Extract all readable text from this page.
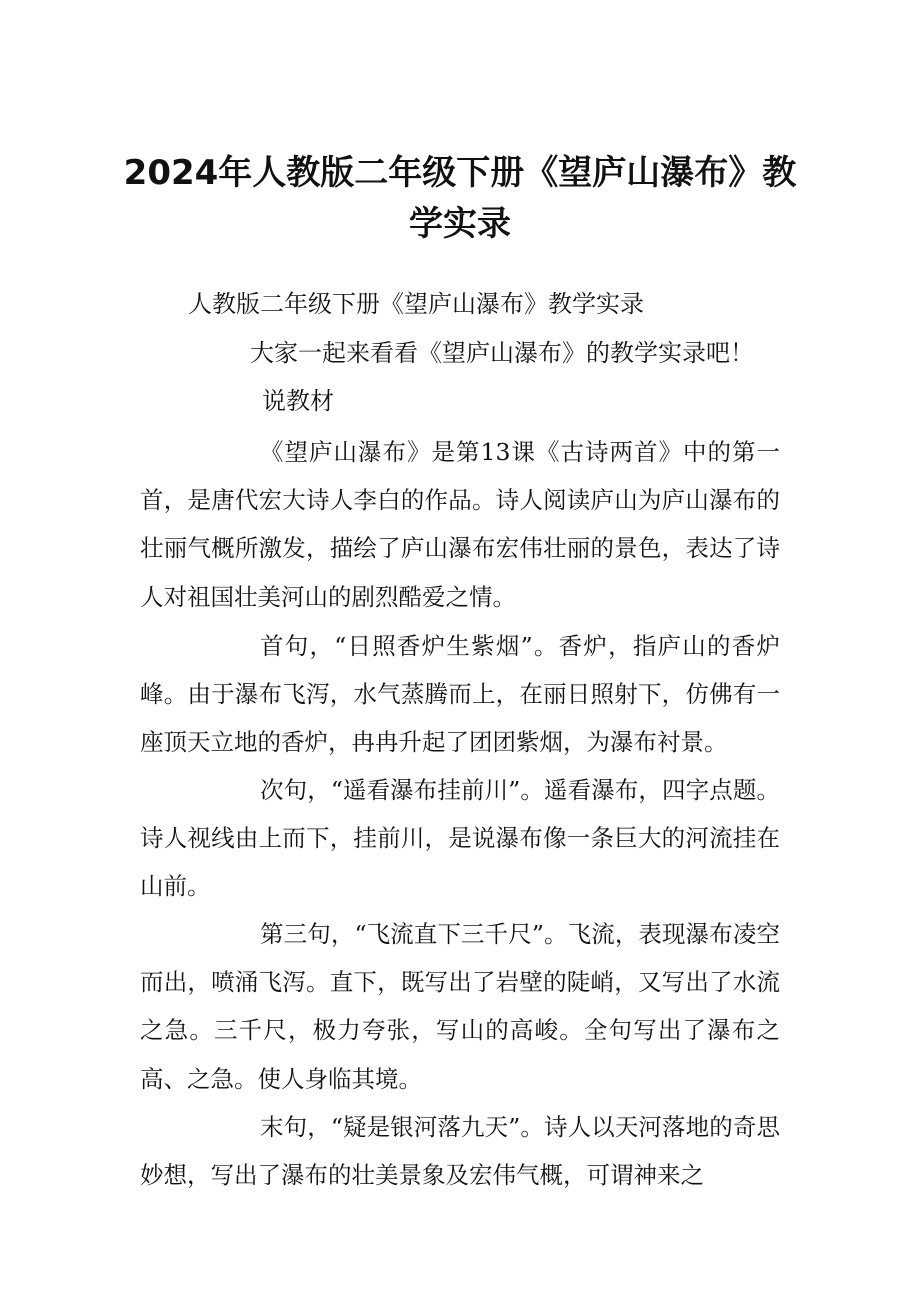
2024年人教版二年级下册《望庐山瀑布》教
学实录
人教版二年级下册《望庐山瀑布》教学实录
大家一起来看看《望庐山瀑布》的教学实录吧！
说教材

《望庐山瀑布》是第13课《古诗两首》中的第一首，是唐代宏大诗人李白的作品。诗人阅读庐山为庐山瀑布的壮丽气概所激发，描绘了庐山瀑布宏伟壮丽的景色，表达了诗人对祖国壮美河山的剧烈酷爱之情。

首句，“日照香炉生紫烟”。香炉，指庐山的香炉峰。由于瀑布飞泻，水气蒸腾而上，在丽日照射下，仿佛有一座顶天立地的香炉，冉冉升起了团团紫烟，为瀑布衬景。

次句，“遥看瀑布挂前川”。遥看瀑布，四字点题。诗人视线由上而下，挂前川，是说瀑布像一条巨大的河流挂在山前。

第三句，“飞流直下三千尺”。飞流，表现瀑布凌空而出，喷涌飞泻。直下，既写出了岩壁的陡峭，又写出了水流之急。三千尺，极力夸张，写山的高峻。全句写出了瀑布之高、之急。使人身临其境。

末句，“疑是银河落九天”。诗人以天河落地的奇思妙想，写出了瀑布的壮美景象及宏伟气概，可谓神来之
